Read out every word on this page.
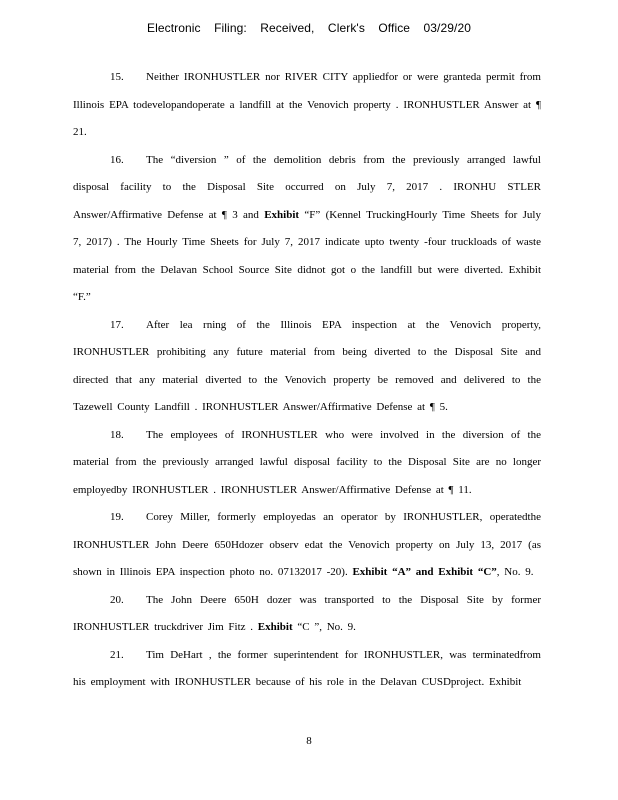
Electronic Filing: Received, Clerk's Office 03/29/20

15. Neither IRONHUSTLER nor RIVER CITY appliedfor or were granteda permit from Illinois EPA todevelopandoperate a landfill at the Venovich property . IRONHUSTLER Answer at ¶ 21.

16. The “diversion ” of the demolition debris from the previously arranged lawful disposal facility to the Disposal Site occurred on July 7, 2017 . IRONHU STLER Answer/Affirmative Defense at ¶ 3 and Exhibit “F” (Kennel TruckingHourly Time Sheets for July 7, 2017) . The Hourly Time Sheets for July 7, 2017 indicate upto twenty -four truckloads of waste material from the Delavan School Source Site didnot got o the landfill but were diverted. Exhibit “F.”

17. After lea rning of the Illinois EPA inspection at the Venovich property, IRONHUSTLER prohibiting any future material from being diverted to the Disposal Site and directed that any material diverted to the Venovich property be removed and delivered to the Tazewell County Landfill . IRONHUSTLER Answer/Affirmative Defense at ¶ 5.

18. The employees of IRONHUSTLER who were involved in the diversion of the material from the previously arranged lawful disposal facility to the Disposal Site are no longer employedby IRONHUSTLER . IRONHUSTLER Answer/Affirmative Defense at ¶ 11.

19. Corey Miller, formerly employedas an operator by IRONHUSTLER, operatedthe IRONHUSTLER John Deere 650Hdozer observ edat the Venovich property on July 13, 2017 (as shown in Illinois EPA inspection photo no. 07132017 -20). Exhibit “A” and Exhibit “C”, No. 9.

20. The John Deere 650H dozer was transported to the Disposal Site by former IRONHUSTLER truckdriver Jim Fitz . Exhibit “C ”, No. 9.

21. Tim DeHart , the former superintendent for IRONHUSTLER, was terminatedfrom his employment with IRONHUSTLER because of his role in the Delavan CUSDproject. Exhibit

8
